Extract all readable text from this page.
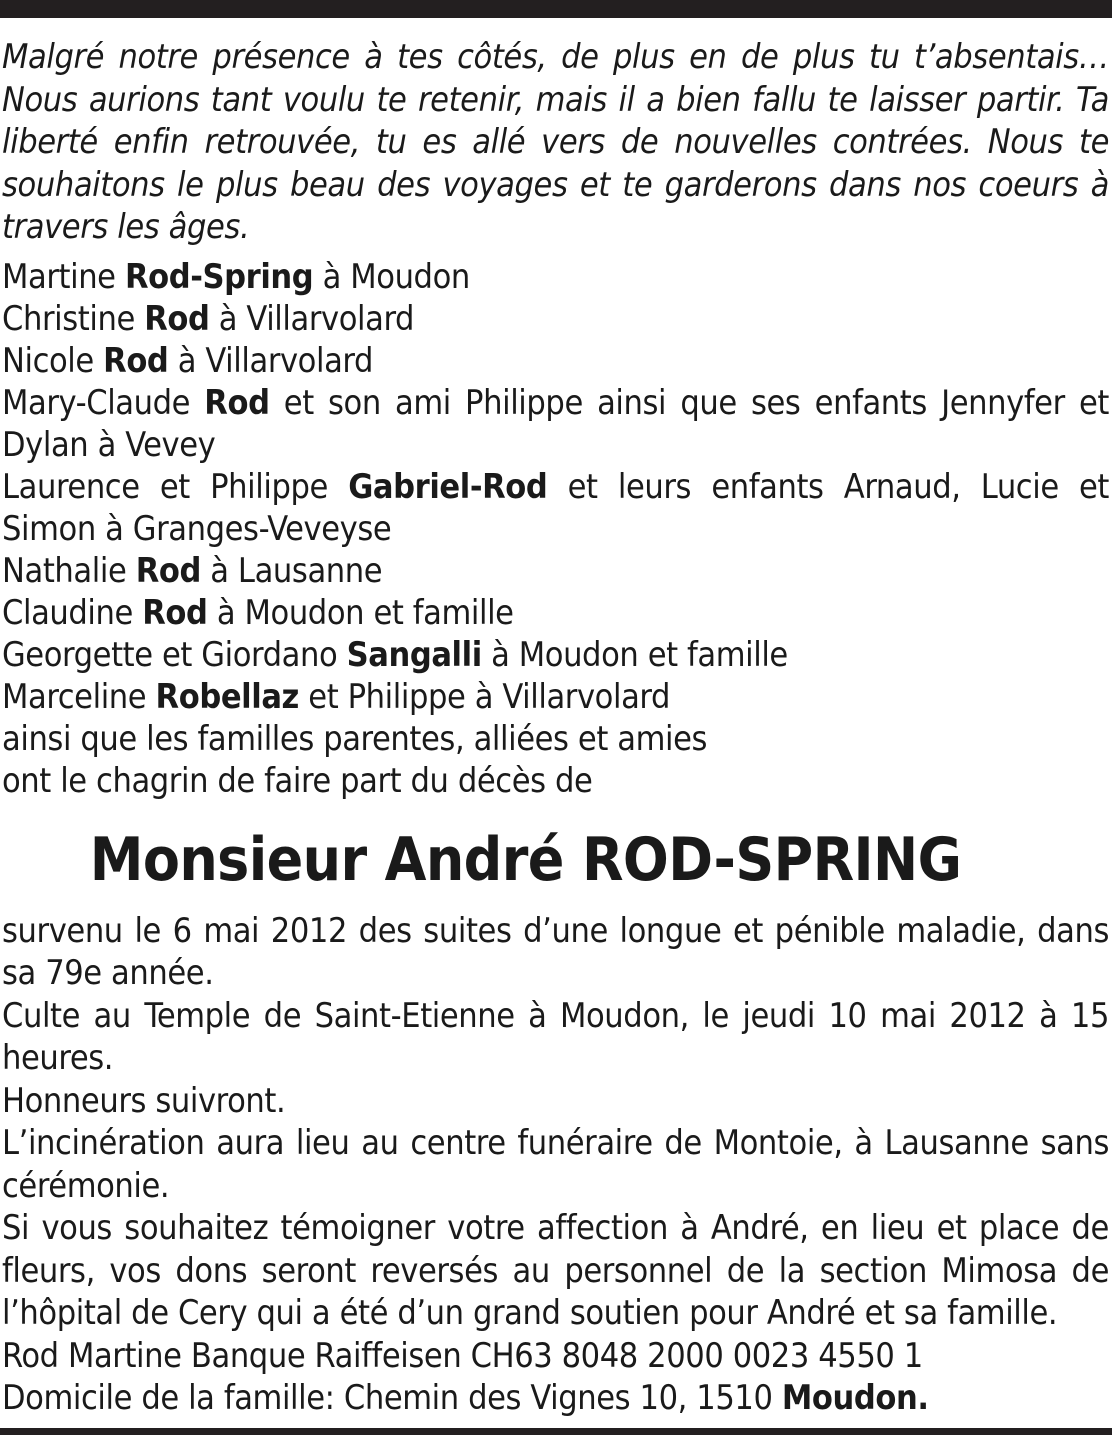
Malgré notre présence à tes côtés, de plus en de plus tu t’absentais… Nous aurions tant voulu te retenir, mais il a bien fallu te laisser partir. Ta liberté enfin retrouvée, tu es allé vers de nouvelles contrées. Nous te souhaitons le plus beau des voyages et te garderons dans nos coeurs à travers les âges.

Martine Rod-Spring à Moudon
Christine Rod à Villarvolard
Nicole Rod à Villarvolard
Mary-Claude Rod et son ami Philippe ainsi que ses enfants Jennyfer et Dylan à Vevey
Laurence et Philippe Gabriel-Rod et leurs enfants Arnaud, Lucie et Simon à Granges-Veveyse
Nathalie Rod à Lausanne
Claudine Rod à Moudon et famille
Georgette et Giordano Sangalli à Moudon et famille
Marceline Robellaz et Philippe à Villarvolard
ainsi que les familles parentes, alliées et amies
ont le chagrin de faire part du décès de
Monsieur André ROD-SPRING
survenu le 6 mai 2012 des suites d’une longue et pénible maladie, dans sa 79e année.
Culte au Temple de Saint-Etienne à Moudon, le jeudi 10 mai 2012 à 15 heures.
Honneurs suivront.
L’incinération aura lieu au centre funéraire de Montoie, à Lausanne sans cérémonie.
Si vous souhaitez témoigner votre affection à André, en lieu et place de fleurs, vos dons seront reversés au personnel de la section Mimosa de l’hôpital de Cery qui a été d’un grand soutien pour André et sa famille.
Rod Martine Banque Raiffeisen CH63 8048 2000 0023 4550 1
Domicile de la famille: Chemin des Vignes 10, 1510 Moudon.
